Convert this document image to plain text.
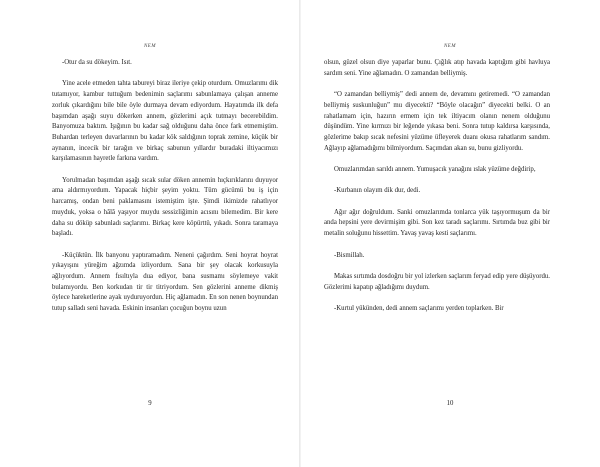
NEM

-Otur da su dökeyim. Isıt.

Yine acele etmeden tahta tabureyi biraz ileriye çekip oturdum. Omuzlarımı dik tutamıyor, kambur tuttuğum bedenimin saçlarımı sabunlamaya çalışan anneme zorluk çıkardığını bile bile öyle durmaya devam ediyordum. Hayatımda ilk defa başımdan aşağı suyu dökerken annem, gözlerimi açık tutmayı becerebildim. Banyomuza baktım. Işığının bu kadar sağ olduğunu daha önce fark etmemiştim. Buhardan terleyen duvarlarının bu kadar kök saldığının toprak zemine, küçük bir aynanın, incecik bir tarağın ve birkaç sabunun yıllardır buradaki iltiyacımızı karşılamasının hayretle farkına vardım.

Yorulmadan başımdan aşağı sıcak sular döken annemin hıçkırıklarını duyuyor ama aldırmıyordum. Yapacak hiçbir şeyim yoktu. Tüm gücümü bu iş için harcamış, ondan beni paklamasını istemiştim işte. Şimdi ikimizde rahatlıyor muyduk, yoksa o hâlâ yaşıyor muydu sessizliğimin acısını bilemedim. Bir kere daha su döküp sabunladı saçlarımı. Birkaç kere köpürttü, yıkadı. Sonra taramaya başladı.

-Küçüktün. İlk banyonu yaptıramadım. Neneni çağırdım. Seni hoyrat hoyrat yıkayışını yüreğim ağzımda izliyordum. Sana bir şey olacak korkusuyla ağlıyordum. Annem fısıltıyla dua ediyor, bana susmamı söylemeye vakit bulamıyordu. Ben korkudan tir tir titriyordum. Sen gözlerini anneme dikmiş öylece hareketlerine ayak uyduruyordun. Hiç ağlamadın. En son nenen boynundan tutup salladı seni havada. Eskinin insanları çocuğun boynu uzun

9
NEM

olsun, güzel olsun diye yaparlar bunu. Çığlık atıp havada kaptığım gibi havluya sardım seni. Yine ağlamadın. O zamandan belliymiş.

“O zamandan belliymiş” dedi annem de, devamını getiremedi. “O zamandan belliymiş suskunluğun” mu diyecekti? “Böyle olacağın” diyecekti belki. O an rahatlamam için, hazırın ermem için tek iltiyacım olanın nenem olduğunu düşündüm. Yine kırmızı bir leğende yıkasa beni. Sonra tutup kaldırsa karşısında, gözlerime bakıp sıcak nefesini yüzüme üfleyerek duanı okusa rahatlarım sandım. Ağlayıp ağlamadığımı bilmiyordum. Saçımdan akan su, bunu gizliyordu.

Omuzlarımdan sarıldı annem. Yumuşacık yanağını ıslak yüzüme değdirip,

-Kurbanın olayım dik dur, dedi.

Ağır ağır doğruldum. Sanki omuzlarımda tonlarca yük taşıyormuşum da bir anda hepsini yere devirmişim gibi. Son kez taradı saçlarımı. Sırtımda buz gibi bir metalin soluğunu hissettim. Yavaş yavaş kesti saçlarımı.

-Bismillah.

Makas sırtımda dosdoğru bir yol izlerken saçlarım feryad edip yere düşüyordu. Gözlerimi kapatıp ağladığımı duydum.

-Kurtul yükünden, dedi annem saçlarımı yerden toplarken. Bir

10
